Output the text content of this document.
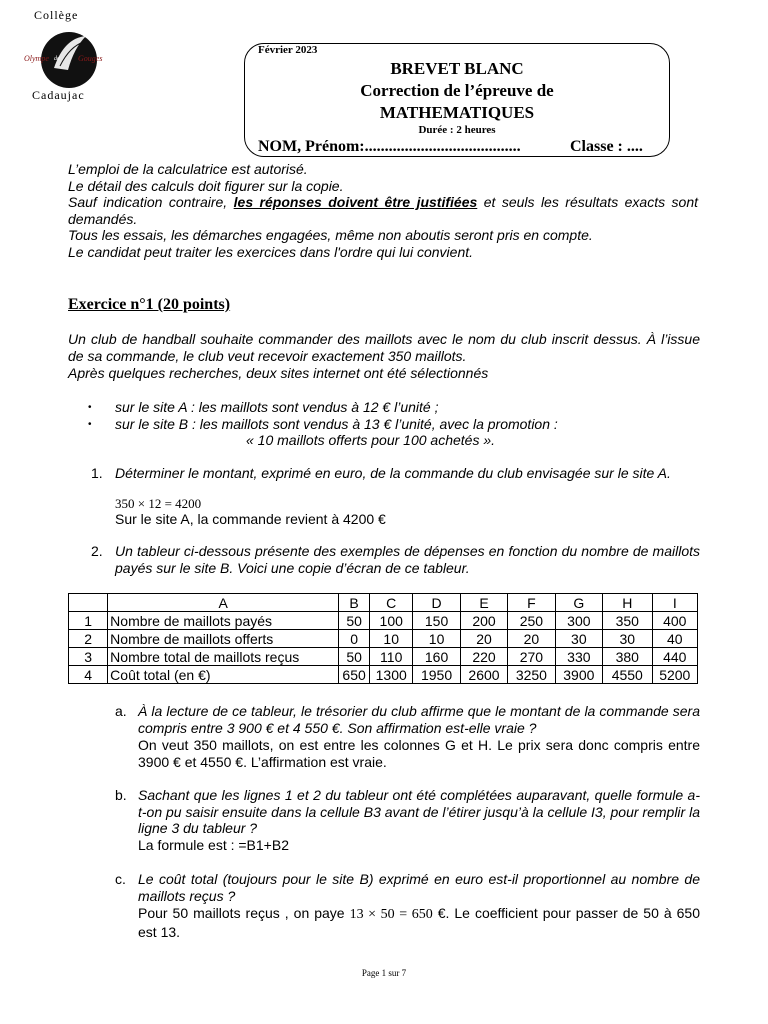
Collège
Cadaujac
Olympe de Gouges
Février 2023
BREVET BLANC
Correction de l’épreuve de
MATHEMATIQUES
Durée : 2 heures
NOM, Prénom:.......................................	Classe : ....
L’emploi de la calculatrice est autorisé.
Le détail des calculs doit figurer sur la copie.
Sauf indication contraire, les réponses doivent être justifiées et seuls les résultats exacts sont demandés.
Tous les essais, les démarches engagées, même non aboutis seront pris en compte.
Le candidat peut traiter les exercices dans l'ordre qui lui convient.
Exercice n°1 (20 points)
Un club de handball souhaite commander des maillots avec le nom du club inscrit dessus. À l’issue de sa commande, le club veut recevoir exactement 350 maillots.
Après quelques recherches, deux sites internet ont été sélectionnés
• sur le site A : les maillots sont vendus à 12 € l’unité ;
• sur le site B : les maillots sont vendus à 13 € l’unité, avec la promotion :
« 10 maillots offerts pour 100 achetés ».
1. Déterminer le montant, exprimé en euro, de la commande du club envisagée sur le site A.
350 × 12 = 4200
Sur le site A, la commande revient à 4200 €
2. Un tableur ci-dessous présente des exemples de dépenses en fonction du nombre de maillots payés sur le site B. Voici une copie d’écran de ce tableur.
	A	B	C	D	E	F	G	H	I
1	Nombre de maillots payés	50	100	150	200	250	300	350	400
2	Nombre de maillots offerts	0	10	10	20	20	30	30	40
3	Nombre total de maillots reçus	50	110	160	220	270	330	380	440
4	Coût total (en €)	650	1300	1950	2600	3250	3900	4550	5200
a. À la lecture de ce tableur, le trésorier du club affirme que le montant de la commande sera compris entre 3 900 € et 4 550 €. Son affirmation est-elle vraie ?
On veut 350 maillots, on est entre les colonnes G et H. Le prix sera donc compris entre 3900 € et 4550 €. L’affirmation est vraie.
b. Sachant que les lignes 1 et 2 du tableur ont été complétées auparavant, quelle formule a-t-on pu saisir ensuite dans la cellule B3 avant de l’étirer jusqu’à la cellule I3, pour remplir la ligne 3 du tableur ?
La formule est : =B1+B2
c. Le coût total (toujours pour le site B) exprimé en euro est-il proportionnel au nombre de maillots reçus ?
Pour 50 maillots reçus , on paye 13 × 50 = 650 €. Le coefficient pour passer de 50 à 650 est 13.
Page 1 sur 7
